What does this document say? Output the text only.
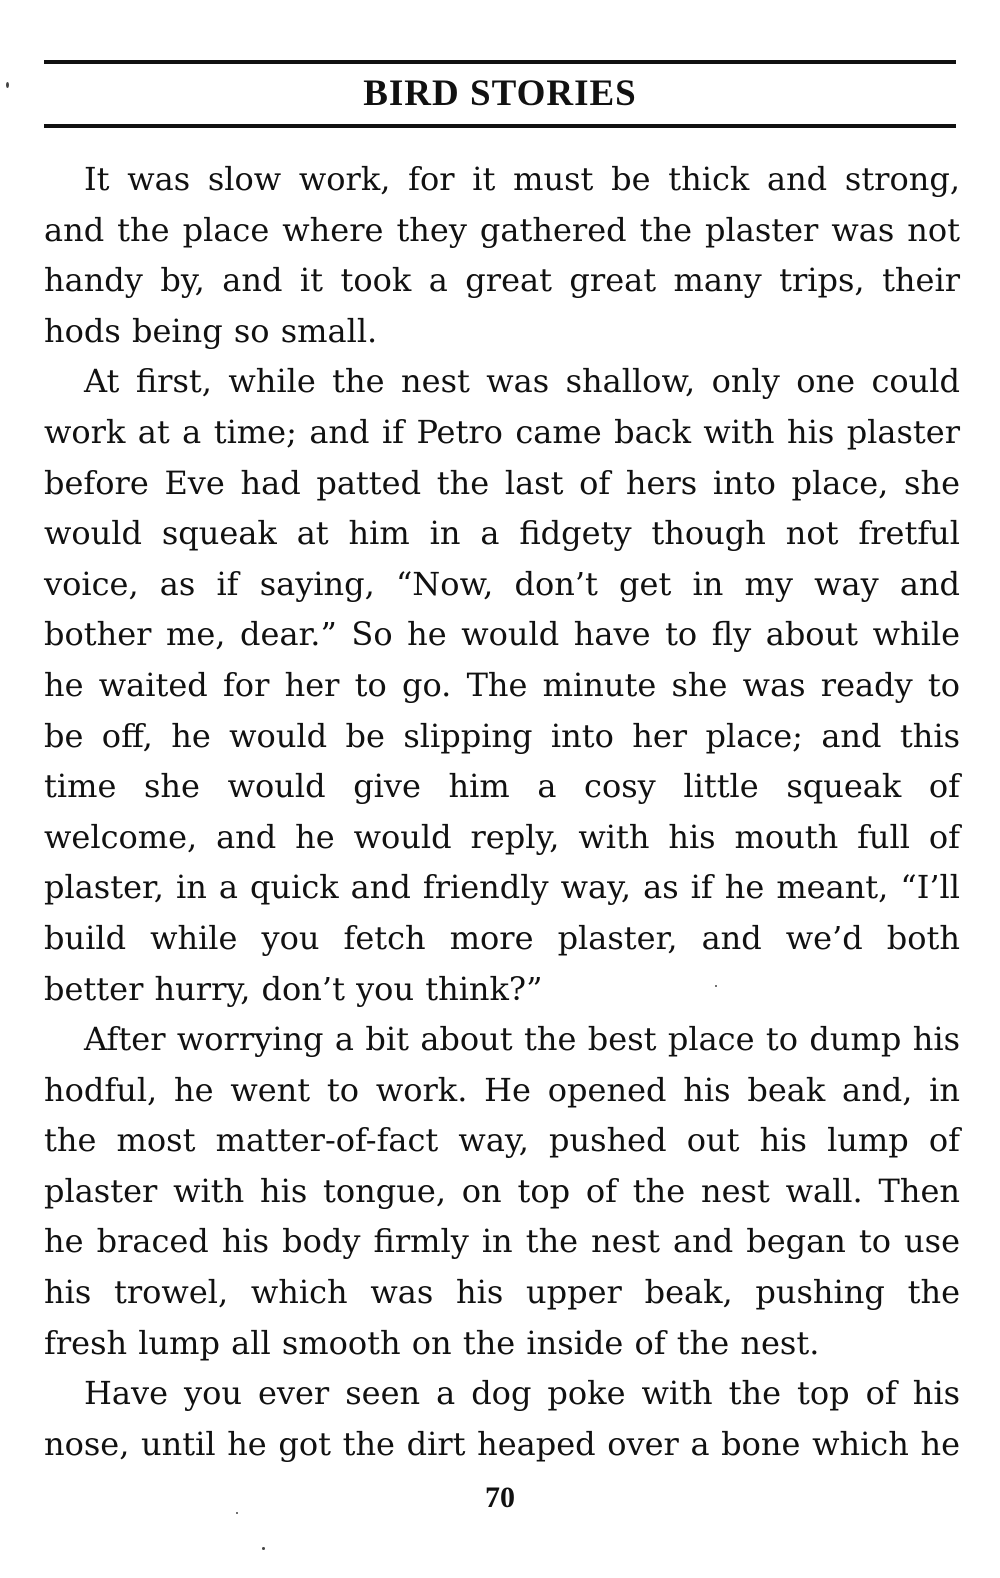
BIRD STORIES

It was slow work, for it must be thick and strong, and the place where they gathered the plaster was not handy by, and it took a great great many trips, their hods being so small.

At first, while the nest was shallow, only one could work at a time; and if Petro came back with his plaster before Eve had patted the last of hers into place, she would squeak at him in a fidgety though not fretful voice, as if saying, “Now, don’t get in my way and bother me, dear.” So he would have to fly about while he waited for her to go. The minute she was ready to be off, he would be slipping into her place; and this time she would give him a cosy little squeak of welcome, and he would reply, with his mouth full of plaster, in a quick and friendly way, as if he meant, “I’ll build while you fetch more plaster, and we’d both better hurry, don’t you think?”

After worrying a bit about the best place to dump his hodful, he went to work. He opened his beak and, in the most matter-of-fact way, pushed out his lump of plaster with his tongue, on top of the nest wall. Then he braced his body firmly in the nest and began to use his trowel, which was his upper beak, pushing the fresh lump all smooth on the inside of the nest.

Have you ever seen a dog poke with the top of his nose, until he got the dirt heaped over a bone which he

70
